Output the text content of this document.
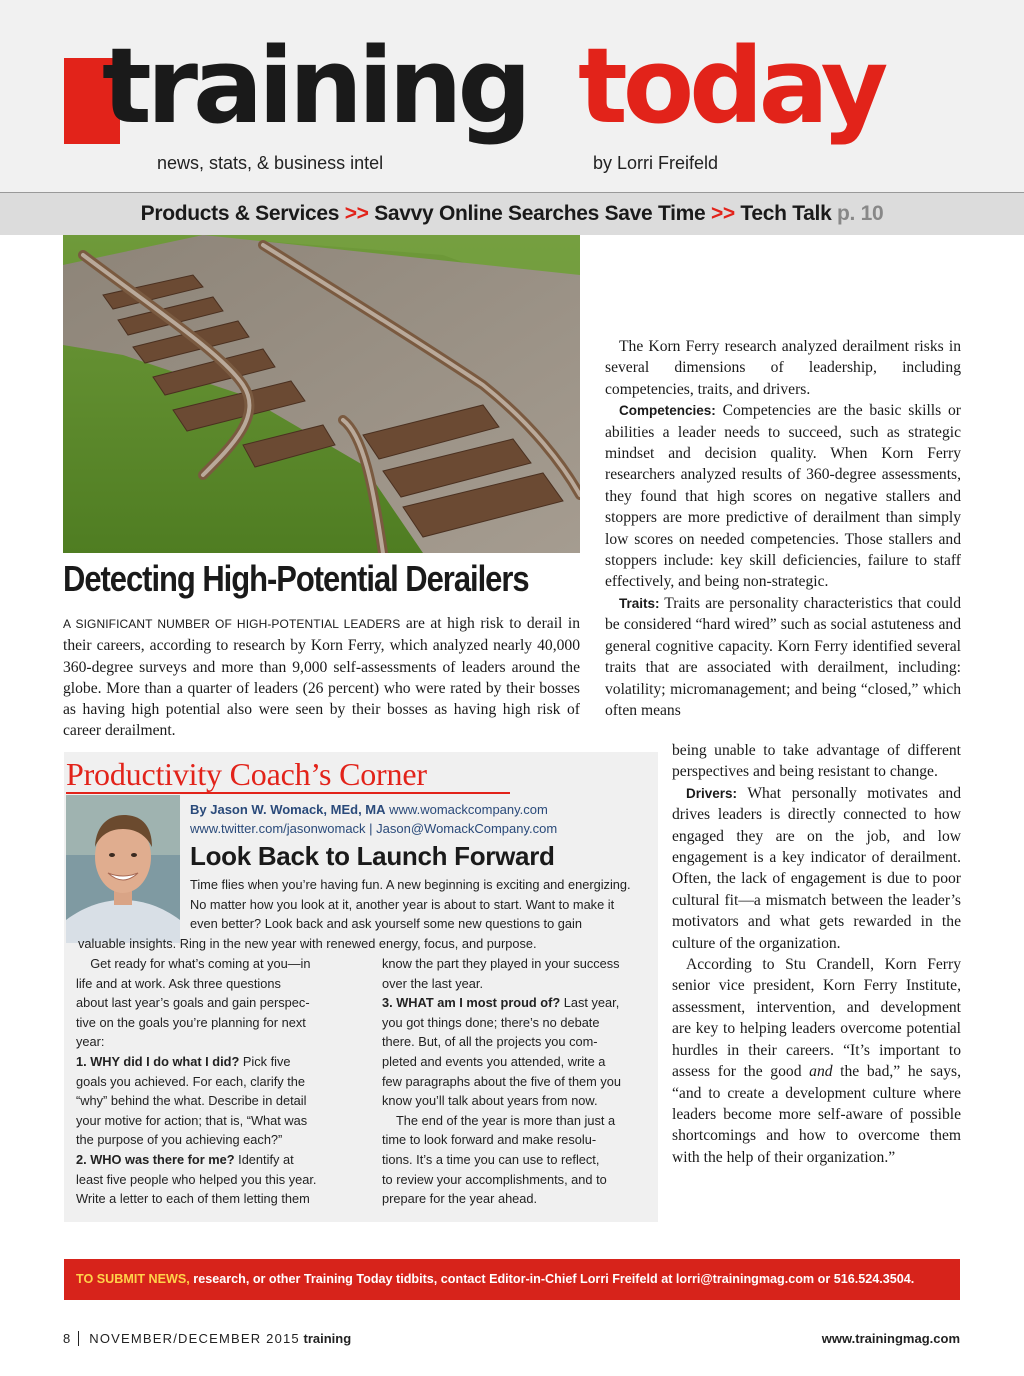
training today
news, stats, & business intel	by Lorri Freifeld
Products & Services >> Savvy Online Searches Save Time >> Tech Talk p. 10
Detecting High-Potential Derailers
A SIGNIFICANT NUMBER OF HIGH-POTENTIAL LEADERS are at high risk to derail in their careers, according to research by Korn Ferry, which analyzed nearly 40,000 360-degree surveys and more than 9,000 self-assessments of leaders around the globe. More than a quarter of leaders (26 percent) who were rated by their bosses as having high potential also were seen by their bosses as having high risk of career derailment.

The Korn Ferry research analyzed derailment risks in several dimensions of leadership, including competencies, traits, and drivers.

Competencies: Competencies are the basic skills or abilities a leader needs to succeed, such as strategic mindset and decision quality. When Korn Ferry researchers analyzed results of 360-degree assessments, they found that high scores on negative stallers and stoppers are more predictive of derailment than simply low scores on needed competencies. Those stallers and stoppers include: key skill deficiencies, failure to staff effectively, and being non-strategic.

Traits: Traits are personality characteristics that could be considered “hard wired” such as social astuteness and general cognitive capacity. Korn Ferry identified several traits that are associated with derailment, including: volatility; micromanagement; and being “closed,” which often means

being unable to take advantage of different perspectives and being resistant to change.

Drivers: What personally motivates and drives leaders is directly connected to how engaged they are on the job, and low engagement is a key indicator of derailment. Often, the lack of engagement is due to poor cultural fit—a mismatch between the leader’s motivators and what gets rewarded in the culture of the organization.

According to Stu Crandell, Korn Ferry senior vice president, Korn Ferry Institute, assessment, intervention, and development are key to helping leaders overcome potential hurdles in their careers. “It’s important to assess for the good and the bad,” he says, “and to create a development culture where leaders become more self-aware of possible shortcomings and how to overcome them with the help of their organization.”

Productivity Coach’s Corner
By Jason W. Womack, MEd, MA www.womackcompany.com
www.twitter.com/jasonwomack | Jason@WomackCompany.com
Look Back to Launch Forward
Time flies when you’re having fun. A new beginning is exciting and energizing.
No matter how you look at it, another year is about to start. Want to make it
even better? Look back and ask yourself some new questions to gain
valuable insights. Ring in the new year with renewed energy, focus, and purpose.
Get ready for what’s coming at you—in
life and at work. Ask three questions
about last year’s goals and gain perspec-
tive on the goals you’re planning for next
year:
1. WHY did I do what I did? Pick five
goals you achieved. For each, clarify the
“why” behind the what. Describe in detail
your motive for action; that is, “What was
the purpose of you achieving each?”
2. WHO was there for me? Identify at
least five people who helped you this year.
Write a letter to each of them letting them
know the part they played in your success
over the last year.
3. WHAT am I most proud of? Last year,
you got things done; there’s no debate
there. But, of all the projects you com-
pleted and events you attended, write a
few paragraphs about the five of them you
know you’ll talk about years from now.
The end of the year is more than just a
time to look forward and make resolu-
tions. It’s a time you can use to reflect,
to review your accomplishments, and to
prepare for the year ahead.
TO SUBMIT NEWS, research, or other Training Today tidbits, contact Editor-in-Chief Lorri Freifeld at lorri@trainingmag.com or 516.524.3504.
8 NOVEMBER/DECEMBER 2015 training	www.trainingmag.com
